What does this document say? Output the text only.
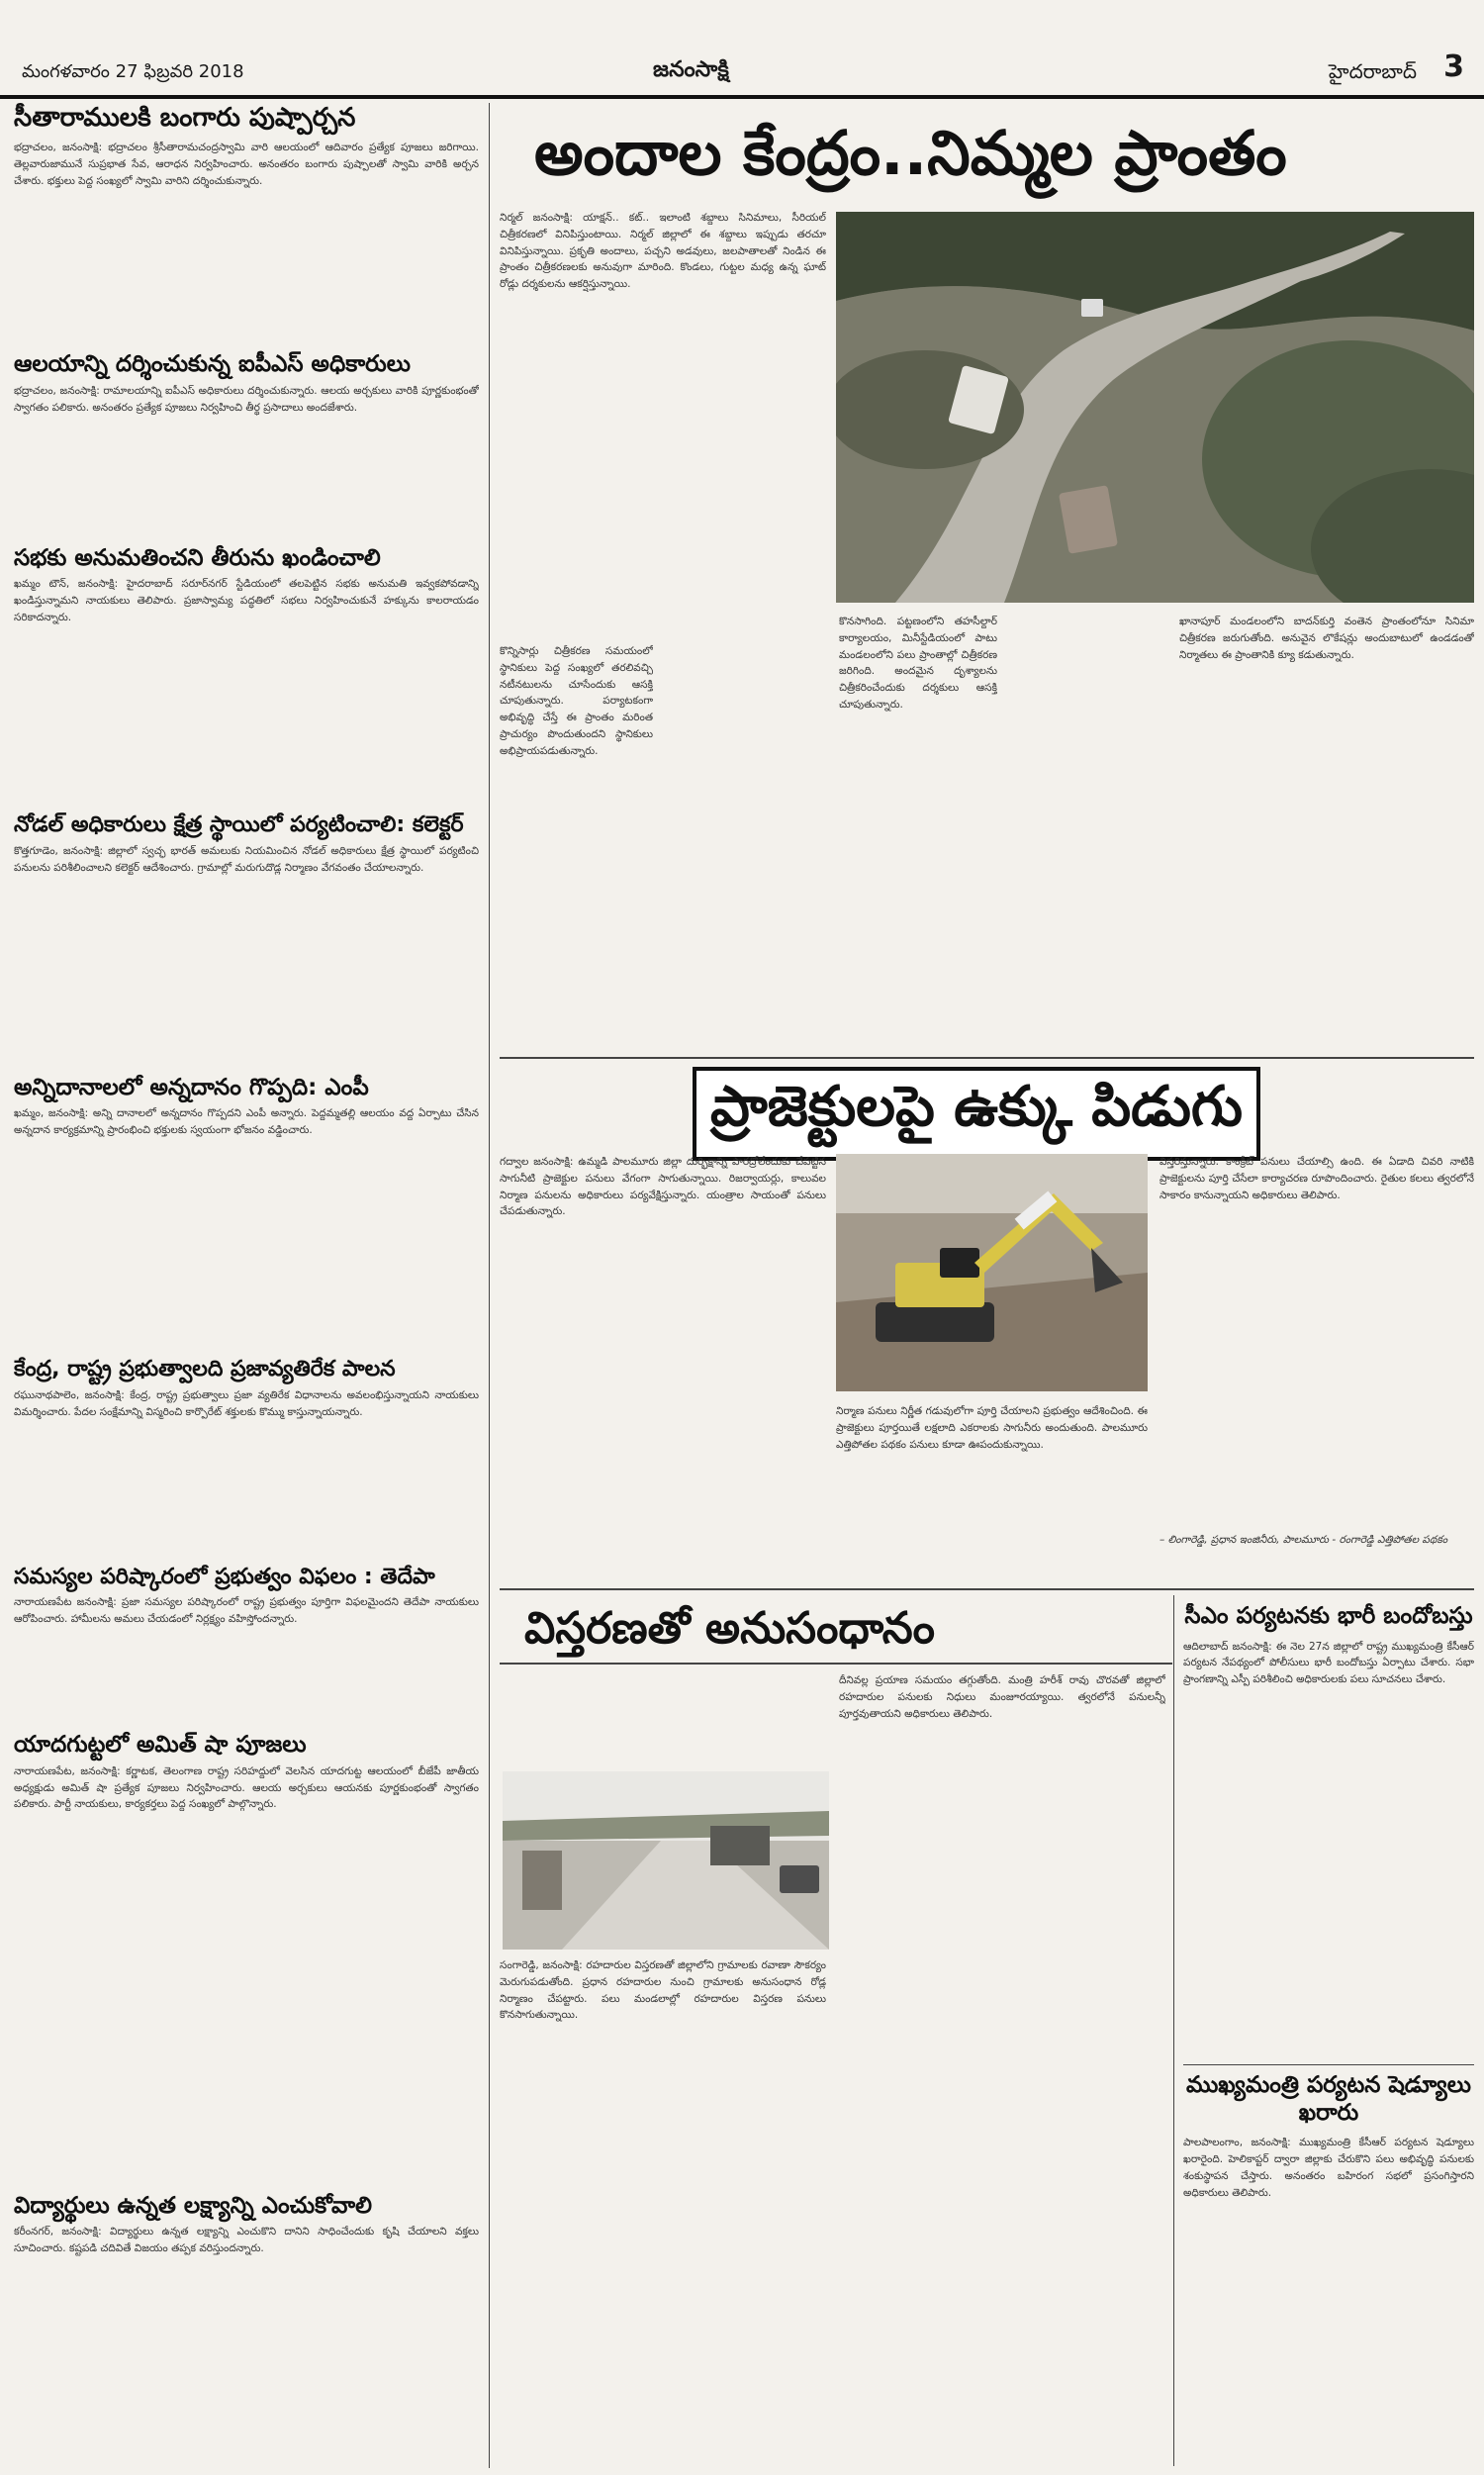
మంగళవారం 27 ఫిబ్రవరి 2018	జనంసాక్షి	హైదరాబాద్ 3
సీతారాములకి బంగారు పుష్పార్చన
భద్రాచలం, జనంసాక్షి: భద్రాచలం శ్రీసీతారామచంద్రస్వామి వారి ఆలయంలో ఆదివారం ప్రత్యేక పూజలు జరిగాయి. తెల్లవారుజామునే సుప్రభాత సేవ, ఆరాధన నిర్వహించారు. అనంతరం బంగారు పుష్పాలతో స్వామి వారికి అర్చన చేశారు. భక్తులు పెద్ద సంఖ్యలో స్వామి వారిని దర్శించుకున్నారు.
ఆలయాన్ని దర్శించుకున్న ఐపీఎస్‌ అధికారులు
భద్రాచలం, జనంసాక్షి: రామాలయాన్ని ఐపీఎస్‌ అధికారులు దర్శించుకున్నారు. ఆలయ అర్చకులు వారికి పూర్ణకుంభంతో స్వాగతం పలికారు. అనంతరం ప్రత్యేక పూజలు నిర్వహించి తీర్థ ప్రసాదాలు అందజేశారు.
సభకు అనుమతించని తీరును ఖండించాలి
ఖమ్మం టౌన్, జనంసాక్షి: హైదరాబాద్ సరూర్‌నగర్ స్టేడియంలో తలపెట్టిన సభకు అనుమతి ఇవ్వకపోవడాన్ని ఖండిస్తున్నామని నాయకులు తెలిపారు. ప్రజాస్వామ్య పద్ధతిలో సభలు నిర్వహించుకునే హక్కును కాలరాయడం సరికాదన్నారు.
నోడల్‌ అధికారులు క్షేత్ర స్థాయిలో పర్యటించాలి: కలెక్టర్‌
కొత్తగూడెం, జనంసాక్షి: జిల్లాలో స్వచ్ఛ భారత్ అమలుకు నియమించిన నోడల్ అధికారులు క్షేత్ర స్థాయిలో పర్యటించి పనులను పరిశీలించాలని కలెక్టర్ ఆదేశించారు. గ్రామాల్లో మరుగుదొడ్ల నిర్మాణం వేగవంతం చేయాలన్నారు.
అన్నిదానాలలో అన్నదానం గొప్పది: ఎంపీ
ఖమ్మం, జనంసాక్షి: అన్ని దానాలలో అన్నదానం గొప్పదని ఎంపీ అన్నారు. పెద్దమ్మతల్లి ఆలయం వద్ద ఏర్పాటు చేసిన అన్నదాన కార్యక్రమాన్ని ప్రారంభించి భక్తులకు స్వయంగా భోజనం వడ్డించారు.
కేంద్ర, రాష్ట్ర ప్రభుత్వాలది ప్రజావ్యతిరేక పాలన
రఘునాథపాలెం, జనంసాక్షి: కేంద్ర, రాష్ట్ర ప్రభుత్వాలు ప్రజా వ్యతిరేక విధానాలను అవలంభిస్తున్నాయని నాయకులు విమర్శించారు. పేదల సంక్షేమాన్ని విస్మరించి కార్పొరేట్ శక్తులకు కొమ్ము కాస్తున్నాయన్నారు.
సమస్యల పరిష్కారంలో ప్రభుత్వం విఫలం : తెదేపా
నారాయణపేట జనంసాక్షి: ప్రజా సమస్యల పరిష్కారంలో రాష్ట్ర ప్రభుత్వం పూర్తిగా విఫలమైందని తెదేపా నాయకులు ఆరోపించారు. హామీలను అమలు చేయడంలో నిర్లక్ష్యం వహిస్తోందన్నారు.
యాదగుట్టలో అమిత్‌ షా పూజలు
నారాయణపేట, జనంసాక్షి: కర్ణాటక, తెలంగాణ రాష్ట్ర సరిహద్దులో వెలసిన యాదగుట్ట ఆలయంలో బీజేపీ జాతీయ అధ్యక్షుడు అమిత్ షా ప్రత్యేక పూజలు నిర్వహించారు. ఆలయ అర్చకులు ఆయనకు పూర్ణకుంభంతో స్వాగతం పలికారు. పార్టీ నాయకులు, కార్యకర్తలు పెద్ద సంఖ్యలో పాల్గొన్నారు.
విద్యార్థులు ఉన్నత లక్ష్యాన్ని ఎంచుకోవాలి
కరీంనగర్, జనంసాక్షి: విద్యార్థులు ఉన్నత లక్ష్యాన్ని ఎంచుకొని దానిని సాధించేందుకు కృషి చేయాలని వక్తలు సూచించారు. కష్టపడి చదివితే విజయం తప్పక వరిస్తుందన్నారు.
అందాల కేంద్రం..నిమ్మల ప్రాంతం
నిర్మల్ జనంసాక్షి: యాక్షన్.. కట్.. ఇలాంటి శబ్దాలు సినిమాలు, సీరియల్ చిత్రీకరణలో వినిపిస్తుంటాయి. నిర్మల్ జిల్లాలో ఈ శబ్దాలు ఇప్పుడు తరచూ వినిపిస్తున్నాయి. ప్రకృతి అందాలు, పచ్చని అడవులు, జలపాతాలతో నిండిన ఈ ప్రాంతం చిత్రీకరణలకు అనువుగా మారింది. కొండలు, గుట్టల మధ్య ఉన్న ఘాట్ రోడ్లు దర్శకులను ఆకర్షిస్తున్నాయి.
కొన్నిసార్లు చిత్రీకరణ సమయంలో స్థానికులు పెద్ద సంఖ్యలో తరలివచ్చి నటీనటులను చూసేందుకు ఆసక్తి చూపుతున్నారు. పర్యాటకంగా అభివృద్ధి చేస్తే ఈ ప్రాంతం మరింత ప్రాచుర్యం పొందుతుందని స్థానికులు అభిప్రాయపడుతున్నారు.
కొనసాగింది. పట్టణంలోని తహసీల్దార్ కార్యాలయం, మినీస్టేడియంలో పాటు మండలంలోని పలు ప్రాంతాల్లో చిత్రీకరణ జరిగింది. అందమైన దృశ్యాలను చిత్రీకరించేందుకు దర్శకులు ఆసక్తి చూపుతున్నారు.
ఖానాపూర్ మండలంలోని బాదన్‌కుర్తి వంతెన ప్రాంతంలోనూ సినిమా చిత్రీకరణ జరుగుతోంది. అనువైన లొకేషన్లు అందుబాటులో ఉండడంతో నిర్మాతలు ఈ ప్రాంతానికి క్యూ కడుతున్నారు.
ప్రాజెక్టులపై ఉక్కు పిడుగు
గద్వాల జనంసాక్షి: ఉమ్మడి పాలమూరు జిల్లా దుర్భిక్షాన్ని పారద్రోలేందుకు చేపట్టిన సాగునీటి ప్రాజెక్టుల పనులు వేగంగా సాగుతున్నాయి. రిజర్వాయర్లు, కాలువల నిర్మాణ పనులను అధికారులు పర్యవేక్షిస్తున్నారు. యంత్రాల సాయంతో పనులు చేపడుతున్నారు.
నిర్మాణ పనులు నిర్ణీత గడువులోగా పూర్తి చేయాలని ప్రభుత్వం ఆదేశించింది. ఈ ప్రాజెక్టులు పూర్తయితే లక్షలాది ఎకరాలకు సాగునీరు అందుతుంది. పాలమూరు ఎత్తిపోతల పథకం పనులు కూడా ఊపందుకున్నాయి.
విస్తరిస్తున్నారు. కాంక్రీట్ పనులు చేయాల్సి ఉంది. ఈ ఏడాది చివరి నాటికి ప్రాజెక్టులను పూర్తి చేసేలా కార్యాచరణ రూపొందించారు. రైతుల కలలు త్వరలోనే సాకారం కానున్నాయని అధికారులు తెలిపారు.
– లింగారెడ్డి, ప్రధాన ఇంజినీరు, పాలమూరు - రంగారెడ్డి ఎత్తిపోతల పథకం
విస్తరణతో అనుసంధానం
దీనివల్ల ప్రయాణ సమయం తగ్గుతోంది. మంత్రి హరీశ్ రావు చొరవతో జిల్లాలో రహదారుల పనులకు నిధులు మంజూరయ్యాయి. త్వరలోనే పనులన్నీ పూర్తవుతాయని అధికారులు తెలిపారు.
సంగారెడ్డి, జనంసాక్షి: రహదారుల విస్తరణతో జిల్లాలోని గ్రామాలకు రవాణా సౌకర్యం మెరుగుపడుతోంది. ప్రధాన రహదారుల నుంచి గ్రామాలకు అనుసంధాన రోడ్ల నిర్మాణం చేపట్టారు. పలు మండలాల్లో రహదారుల విస్తరణ పనులు కొనసాగుతున్నాయి.
సీఎం పర్యటనకు భారీ బందోబస్తు
ఆదిలాబాద్ జనంసాక్షి: ఈ నెల 27న జిల్లాలో రాష్ట్ర ముఖ్యమంత్రి కేసీఆర్ పర్యటన నేపథ్యంలో పోలీసులు భారీ బందోబస్తు ఏర్పాటు చేశారు. సభా ప్రాంగణాన్ని ఎస్పీ పరిశీలించి అధికారులకు పలు సూచనలు చేశారు.
ముఖ్యమంత్రి పర్యటన షెడ్యూలు ఖరారు
పాలపాలంగాం, జనంసాక్షి: ముఖ్యమంత్రి కేసీఆర్ పర్యటన షెడ్యూలు ఖరారైంది. హెలికాప్టర్ ద్వారా జిల్లాకు చేరుకొని పలు అభివృద్ధి పనులకు శంకుస్థాపన చేస్తారు. అనంతరం బహిరంగ సభలో ప్రసంగిస్తారని అధికారులు తెలిపారు.
